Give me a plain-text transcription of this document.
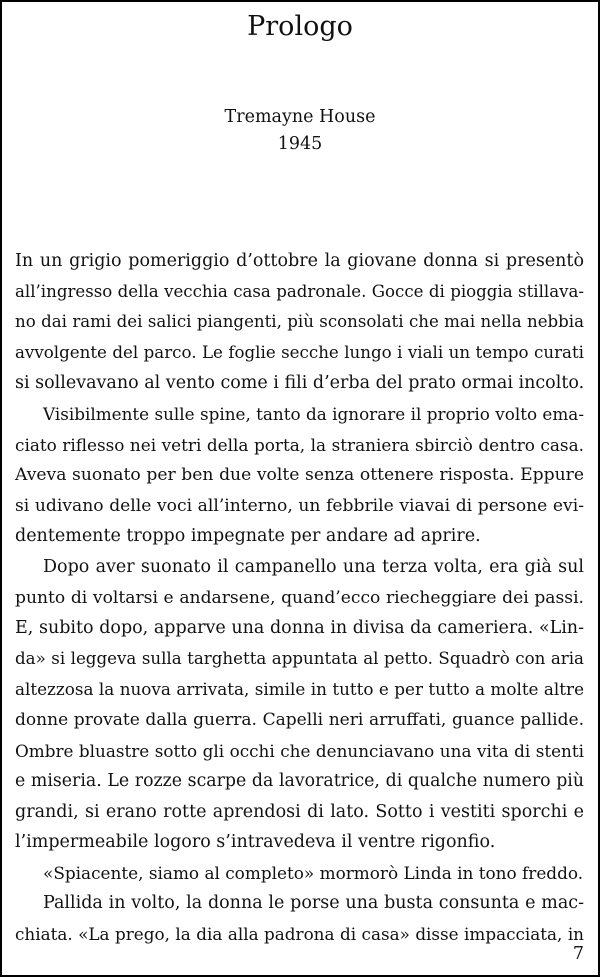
Prologo
Tremayne House
1945
In un grigio pomeriggio d’ottobre la giovane donna si presentò
all’ingresso della vecchia casa padronale. Gocce di pioggia stillava-
no dai rami dei salici piangenti, più sconsolati che mai nella nebbia
avvolgente del parco. Le foglie secche lungo i viali un tempo curati
si sollevavano al vento come i fili d’erba del prato ormai incolto.
Visibilmente sulle spine, tanto da ignorare il proprio volto ema-
ciato riflesso nei vetri della porta, la straniera sbirciò dentro casa.
Aveva suonato per ben due volte senza ottenere risposta. Eppure
si udivano delle voci all’interno, un febbrile viavai di persone evi-
dentemente troppo impegnate per andare ad aprire.
Dopo aver suonato il campanello una terza volta, era già sul
punto di voltarsi e andarsene, quand’ecco riecheggiare dei passi.
E, subito dopo, apparve una donna in divisa da cameriera. «Lin-
da» si leggeva sulla targhetta appuntata al petto. Squadrò con aria
altezzosa la nuova arrivata, simile in tutto e per tutto a molte altre
donne provate dalla guerra. Capelli neri arruffati, guance pallide.
Ombre bluastre sotto gli occhi che denunciavano una vita di stenti
e miseria. Le rozze scarpe da lavoratrice, di qualche numero più
grandi, si erano rotte aprendosi di lato. Sotto i vestiti sporchi e
l’impermeabile logoro s’intravedeva il ventre rigonfio.
«Spiacente, siamo al completo» mormorò Linda in tono freddo.
Pallida in volto, la donna le porse una busta consunta e mac-
chiata. «La prego, la dia alla padrona di casa» disse impacciata, in
7
